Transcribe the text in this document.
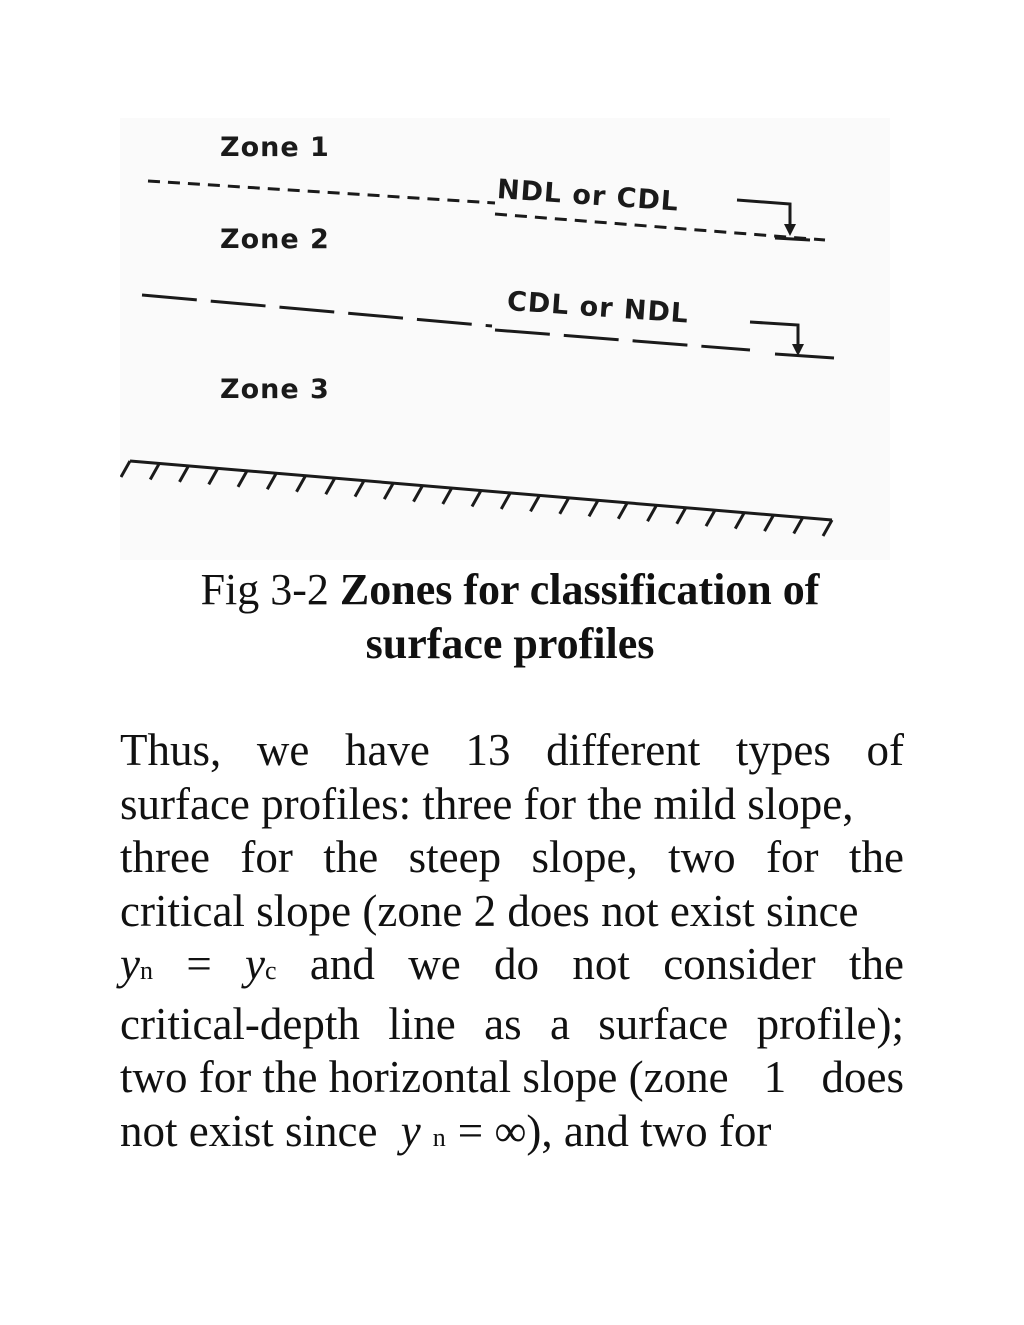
Zone 1
Zone 2
Zone 3
NDL or CDL
CDL or NDL

Fig 3-2 Zones for classification of
surface profiles

Thus, we have 13 different types of
surface profiles: three for the mild slope,
three for the steep slope, two for the
critical slope (zone 2 does not exist since
yn = yc and we do not consider the
critical-depth line as a surface profile);
two for the horizontal slope (zone 1 does
not exist since y n = ∞), and two for
